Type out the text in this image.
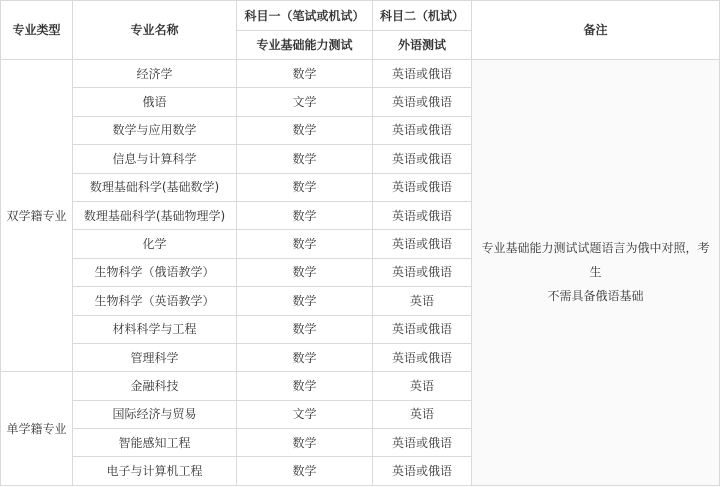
专业类型	专业名称	科目一（笔试或机试）	科目二（机试）	备注
		专业基础能力测试	外语测试	
双学籍专业	经济学	数学	英语或俄语	专业基础能力测试试题语言为俄中对照，考生
不需具备俄语基础

	俄语	文学	英语或俄语	
	数学与应用数学	数学	英语或俄语	
	信息与计算科学	数学	英语或俄语	
	数理基础科学(基础数学)	数学	英语或俄语	
	数理基础科学(基础物理学)	数学	英语或俄语	
	化学	数学	英语或俄语	
	生物科学（俄语教学）	数学	英语或俄语	
	生物科学（英语教学）	数学	英语	
	材料科学与工程	数学	英语或俄语	
	管理科学	数学	英语或俄语	
单学籍专业	金融科技	数学	英语	
	国际经济与贸易	文学	英语	
	智能感知工程	数学	英语或俄语	
	电子与计算机工程	数学	英语或俄语	
